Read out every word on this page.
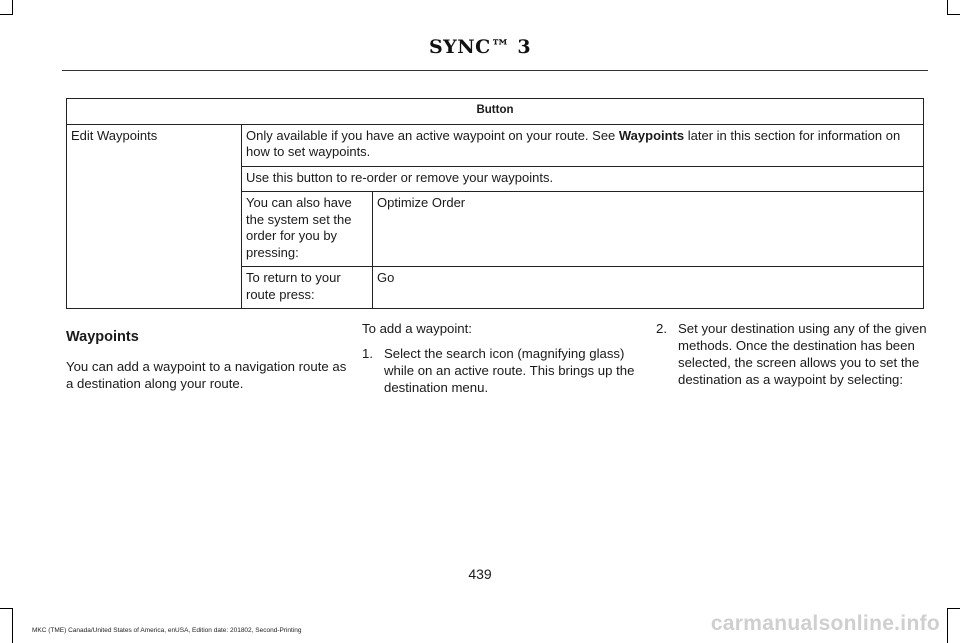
SYNC™ 3
Button		
Edit Waypoints	Only available if you have an active waypoint on your route. See Waypoints later in this section for information on how to set waypoints.	
	Use this button to re-order or remove your waypoints.	
	You can also have the system set the order for you by pressing:	Optimize Order
	To return to your route press:	Go

Waypoints

You can add a waypoint to a navigation route as a destination along your route.

To add a waypoint:

1. Select the search icon (magnifying glass) while on an active route. This brings up the destination menu.

2. Set your destination using any of the given methods. Once the destination has been selected, the screen allows you to set the destination as a waypoint by selecting:

439
MKC (TME) Canada/United States of America, enUSA, Edition date: 201802, Second-Printing	carmanualsonline.info
